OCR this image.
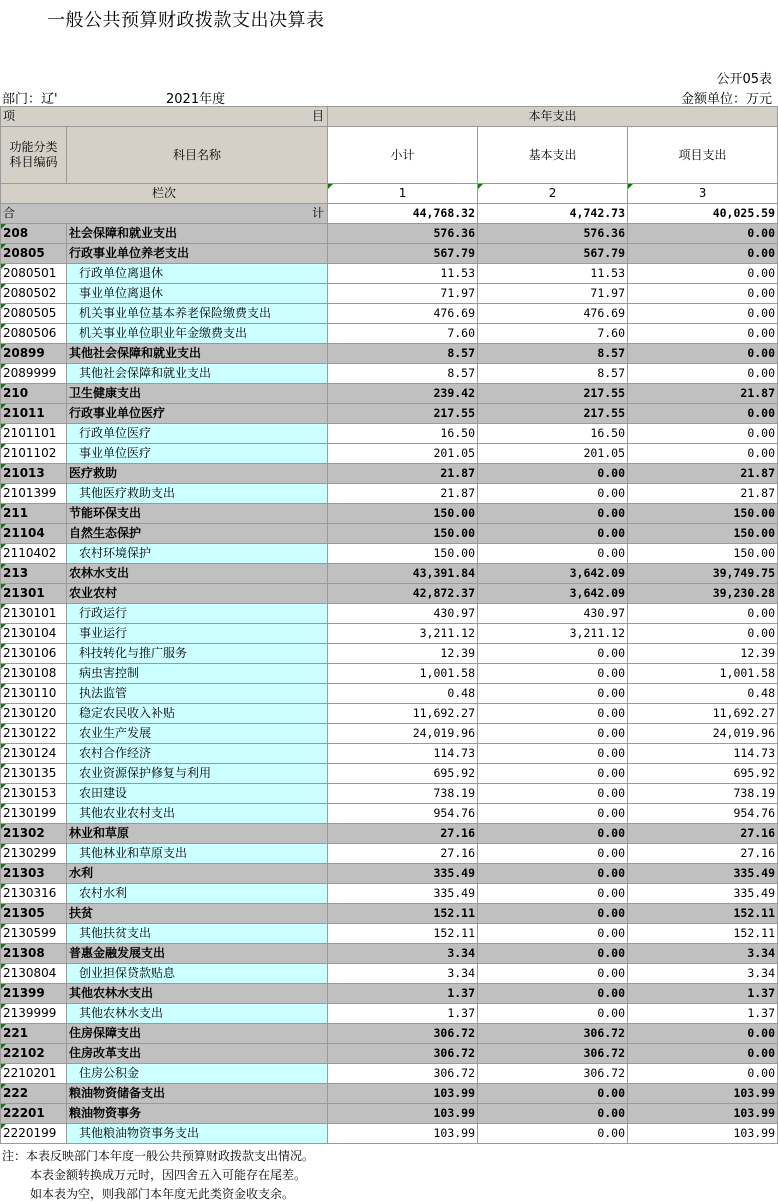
一般公共预算财政拨款支出决算表
公开05表
部门：辽'	2021年度	金额单位：万元
项 目		本年支出		
功能分类
科目编码	科目名称	小计	基本支出	项目支出
栏次		1	2	3
合 计		44,768.32	4,742.73	40,025.59
208	社会保障和就业支出	576.36	576.36	0.00
20805	行政事业单位养老支出	567.79	567.79	0.00
2080501	行政单位离退休	11.53	11.53	0.00
2080502	事业单位离退休	71.97	71.97	0.00
2080505	机关事业单位基本养老保险缴费支出	476.69	476.69	0.00
2080506	机关事业单位职业年金缴费支出	7.60	7.60	0.00
20899	其他社会保障和就业支出	8.57	8.57	0.00
2089999	其他社会保障和就业支出	8.57	8.57	0.00
210	卫生健康支出	239.42	217.55	21.87
21011	行政事业单位医疗	217.55	217.55	0.00
2101101	行政单位医疗	16.50	16.50	0.00
2101102	事业单位医疗	201.05	201.05	0.00
21013	医疗救助	21.87	0.00	21.87
2101399	其他医疗救助支出	21.87	0.00	21.87
211	节能环保支出	150.00	0.00	150.00
21104	自然生态保护	150.00	0.00	150.00
2110402	农村环境保护	150.00	0.00	150.00
213	农林水支出	43,391.84	3,642.09	39,749.75
21301	农业农村	42,872.37	3,642.09	39,230.28
2130101	行政运行	430.97	430.97	0.00
2130104	事业运行	3,211.12	3,211.12	0.00
2130106	科技转化与推广服务	12.39	0.00	12.39
2130108	病虫害控制	1,001.58	0.00	1,001.58
2130110	执法监管	0.48	0.00	0.48
2130120	稳定农民收入补贴	11,692.27	0.00	11,692.27
2130122	农业生产发展	24,019.96	0.00	24,019.96
2130124	农村合作经济	114.73	0.00	114.73
2130135	农业资源保护修复与利用	695.92	0.00	695.92
2130153	农田建设	738.19	0.00	738.19
2130199	其他农业农村支出	954.76	0.00	954.76
21302	林业和草原	27.16	0.00	27.16
2130299	其他林业和草原支出	27.16	0.00	27.16
21303	水利	335.49	0.00	335.49
2130316	农村水利	335.49	0.00	335.49
21305	扶贫	152.11	0.00	152.11
2130599	其他扶贫支出	152.11	0.00	152.11
21308	普惠金融发展支出	3.34	0.00	3.34
2130804	创业担保贷款贴息	3.34	0.00	3.34
21399	其他农林水支出	1.37	0.00	1.37
2139999	其他农林水支出	1.37	0.00	1.37
221	住房保障支出	306.72	306.72	0.00
22102	住房改革支出	306.72	306.72	0.00
2210201	住房公积金	306.72	306.72	0.00
222	粮油物资储备支出	103.99	0.00	103.99
22201	粮油物资事务	103.99	0.00	103.99
2220199	其他粮油物资事务支出	103.99	0.00	103.99
注：本表反映部门本年度一般公共预算财政拨款支出情况。
本表金额转换成万元时，因四舍五入可能存在尾差。
如本表为空，则我部门本年度无此类资金收支余。
